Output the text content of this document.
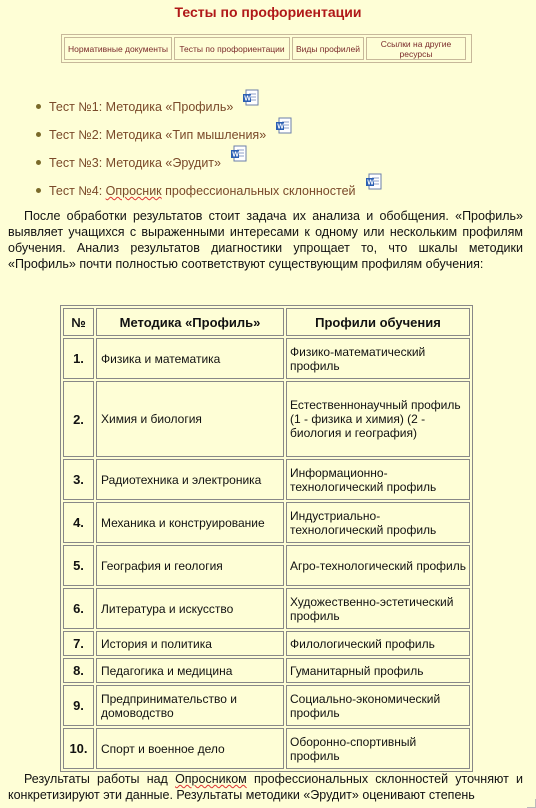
Тесты по профориентации
Нормативные документы	Тесты по профориентации	Виды профилей	Ссылки на другие ресурсы
Тест №1: Методика «Профиль»
W
Тест №2: Методика «Тип мышления»
W
Тест №3: Методика «Эрудит»
W
Тест №4: Опросник профессиональных склонностей
W

После обработки результатов стоит задача их анализа и обобщения. «Профиль» выявляет учащихся с выраженными интересами к одному или нескольким профилям обучения. Анализ результатов диагностики упрощает то, что шкалы методики «Профиль» почти полностью соответствуют существующим профилям обучения:

№	Методика «Профиль»	Профили обучения
1.	Физика и математика	Физико-математический профиль
2.	Химия и биология	Естественнонаучный профиль (1 - физика и химия) (2 - биология и география)
3.	Радиотехника и электроника	Информационно-технологический профиль
4.	Механика и конструирование	Индустриально-технологический профиль
5.	География и геология	Агро-технологический профиль
6.	Литература и искусство	Художественно-эстетический профиль
7.	История и политика	Филологический профиль
8.	Педагогика и медицина	Гуманитарный профиль
9.	Предпринимательство и домоводство	Социально-экономический профиль
10.	Спорт и военное дело	Оборонно-спортивный профиль

Результаты работы над Опросником профессиональных склонностей уточняют и конкретизируют эти данные. Результаты методики «Эрудит» оценивают степень
